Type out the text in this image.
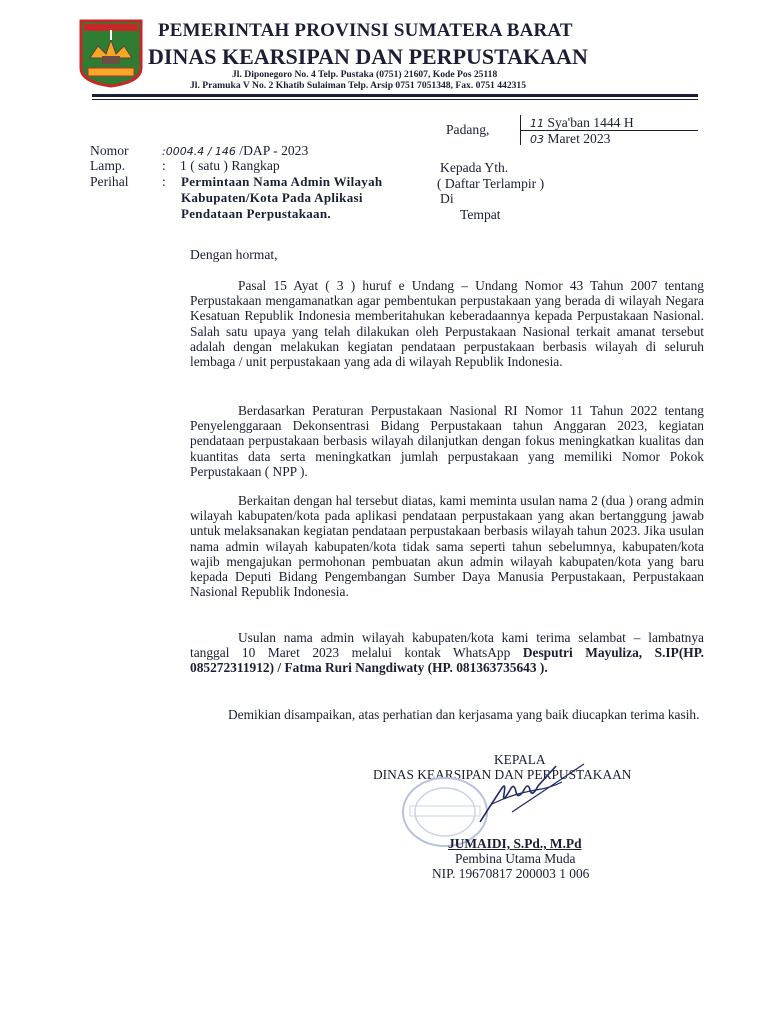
PEMERINTAH PROVINSI SUMATERA BARAT
DINAS KEARSIPAN DAN PERPUSTAKAAN
Jl. Diponegoro No. 4 Telp. Pustaka (0751) 21607, Kode Pos 25118
Jl. Pramuka V No. 2 Khatib Sulaiman Telp. Arsip 0751 7051348, Fax. 0751 442315
Padang,	11 Sya'ban 1444 H
03 Maret 2023
Nomor	:0004.4 / 146 /DAP - 2023
Lamp.	: 1 ( satu ) Rangkap
Perihal : Permintaan Nama Admin Wilayah
Kabupaten/Kota Pada Aplikasi
Pendataan Perpustakaan.
Kepada Yth.
( Daftar Terlampir )
Di
Tempat
Dengan hormat,
Pasal 15 Ayat ( 3 ) huruf e Undang – Undang Nomor 43 Tahun 2007 tentang Perpustakaan mengamanatkan agar pembentukan perpustakaan yang berada di wilayah Negara Kesatuan Republik Indonesia memberitahukan keberadaannya kepada Perpustakaan Nasional. Salah satu upaya yang telah dilakukan oleh Perpustakaan Nasional terkait amanat tersebut adalah dengan melakukan kegiatan pendataan perpustakaan berbasis wilayah di seluruh lembaga / unit perpustakaan yang ada di wilayah Republik Indonesia.
Berdasarkan Peraturan Perpustakaan Nasional RI Nomor 11 Tahun 2022 tentang Penyelenggaraan Dekonsentrasi Bidang Perpustakaan tahun Anggaran 2023, kegiatan pendataan perpustakaan berbasis wilayah dilanjutkan dengan fokus meningkatkan kualitas dan kuantitas data serta meningkatkan jumlah perpustakaan yang memiliki Nomor Pokok Perpustakaan ( NPP ).
Berkaitan dengan hal tersebut diatas, kami meminta usulan nama 2 (dua ) orang admin wilayah kabupaten/kota pada aplikasi pendataan perpustakaan yang akan bertanggung jawab untuk melaksanakan kegiatan pendataan perpustakaan berbasis wilayah tahun 2023. Jika usulan nama admin wilayah kabupaten/kota tidak sama seperti tahun sebelumnya, kabupaten/kota wajib mengajukan permohonan pembuatan akun admin wilayah kabupaten/kota yang baru kepada Deputi Bidang Pengembangan Sumber Daya Manusia Perpustakaan, Perpustakaan Nasional Republik Indonesia.
Usulan nama admin wilayah kabupaten/kota kami terima selambat – lambatnya tanggal 10 Maret 2023 melalui kontak WhatsApp Desputri Mayuliza, S.IP(HP. 085272311912) / Fatma Ruri Nangdiwaty (HP. 081363735643 ).
Demikian disampaikan, atas perhatian dan kerjasama yang baik diucapkan terima kasih.
KEPALA
DINAS KEARSIPAN DAN PERPUSTAKAAN
JUMAIDI, S.Pd., M.Pd
Pembina Utama Muda
NIP. 19670817 200003 1 006
